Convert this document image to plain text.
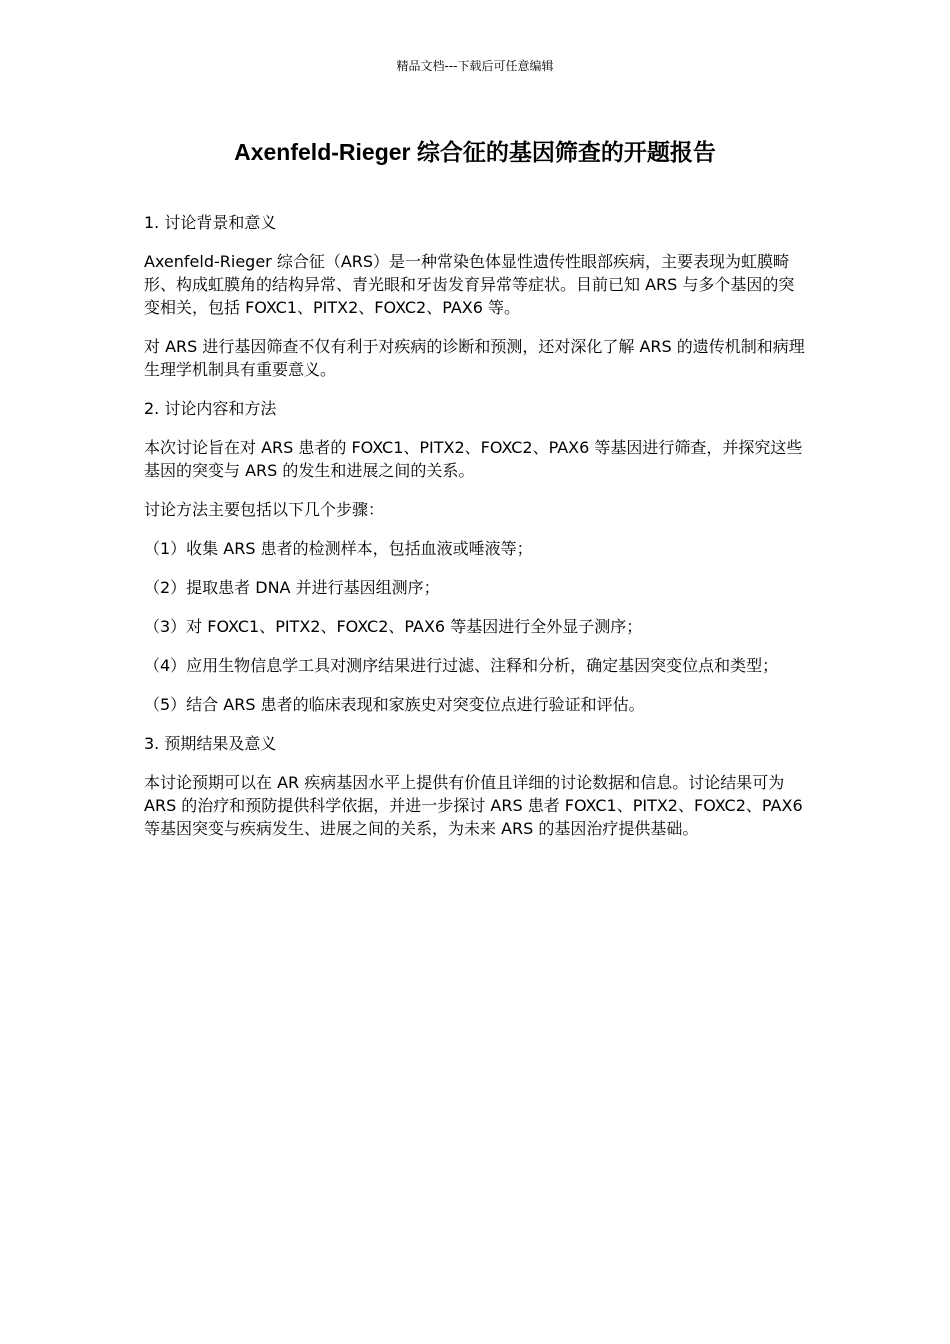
精品文档---下载后可任意编辑
Axenfeld-Rieger 综合征的基因筛查的开题报告

1. 讨论背景和意义

Axenfeld-Rieger 综合征（ARS）是一种常染色体显性遗传性眼部疾病，主要表现为虹膜畸形、构成虹膜角的结构异常、青光眼和牙齿发育异常等症状。目前已知 ARS 与多个基因的突变相关，包括 FOXC1、PITX2、FOXC2、PAX6 等。

对 ARS 进行基因筛查不仅有利于对疾病的诊断和预测，还对深化了解 ARS 的遗传机制和病理生理学机制具有重要意义。

2. 讨论内容和方法

本次讨论旨在对 ARS 患者的 FOXC1、PITX2、FOXC2、PAX6 等基因进行筛查，并探究这些基因的突变与 ARS 的发生和进展之间的关系。

讨论方法主要包括以下几个步骤：

（1）收集 ARS 患者的检测样本，包括血液或唾液等；

（2）提取患者 DNA 并进行基因组测序；

（3）对 FOXC1、PITX2、FOXC2、PAX6 等基因进行全外显子测序；

（4）应用生物信息学工具对测序结果进行过滤、注释和分析，确定基因突变位点和类型；

（5）结合 ARS 患者的临床表现和家族史对突变位点进行验证和评估。

3. 预期结果及意义

本讨论预期可以在 AR 疾病基因水平上提供有价值且详细的讨论数据和信息。讨论结果可为 ARS 的治疗和预防提供科学依据，并进一步探讨 ARS 患者 FOXC1、PITX2、FOXC2、PAX6 等基因突变与疾病发生、进展之间的关系，为未来 ARS 的基因治疗提供基础。
